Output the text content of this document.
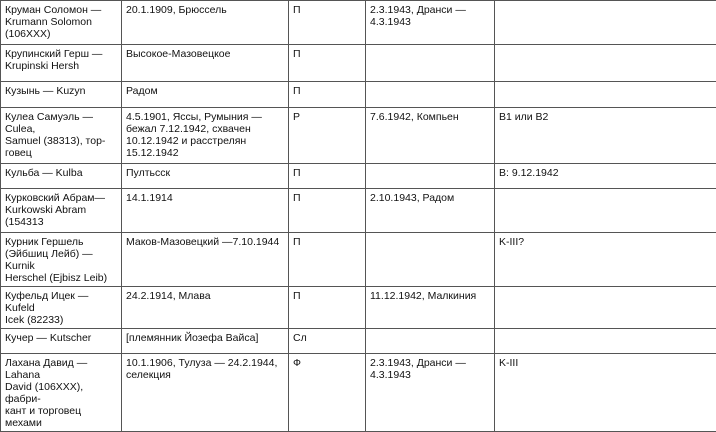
Круман Соломон —
Krumann Solomon
(106XXX)	20.1.1909, Брюссель	П	2.3.1943, Дранси —
4.3.1943	
Крупинский Герш —
Krupinski Hersh	Высокое-Мазовецкое	П		
Кузынь — Kuzyn	Радом	П		
Кулеа Самуэль — Culea,
Samuel (38313), тор-
говец	4.5.1901, Яссы, Румыния —
бежал 7.12.1942, схвачен
10.12.1942 и расстрелян
15.12.1942	Р	7.6.1942, Компьен	В1 или В2
Кульба — Kulba	Пултьсск	П		В: 9.12.1942
Курковский Абрам—
Kurkowski Abram
(154313	14.1.1914	П	2.10.1943, Радом	
Курник Гершель
(Эйбшиц Лейб) — Kurnik
Herschel (Ejbisz Leib)	Маков-Мазовецкий —7.10.1944	П		K-III?
Куфельд Ицек — Kufeld
Icek (82233)	24.2.1914, Млава	П	11.12.1942, Малкиния	
Кучер — Kutscher	[племянник Йозефа Вайса]	Сл		
Лахана Давид — Lahana
David (106XXX), фабри-
кант и торговец мехами	10.1.1906, Тулуза — 24.2.1944,
селекция	Ф	2.3.1943, Дранси —
4.3.1943	K-III
